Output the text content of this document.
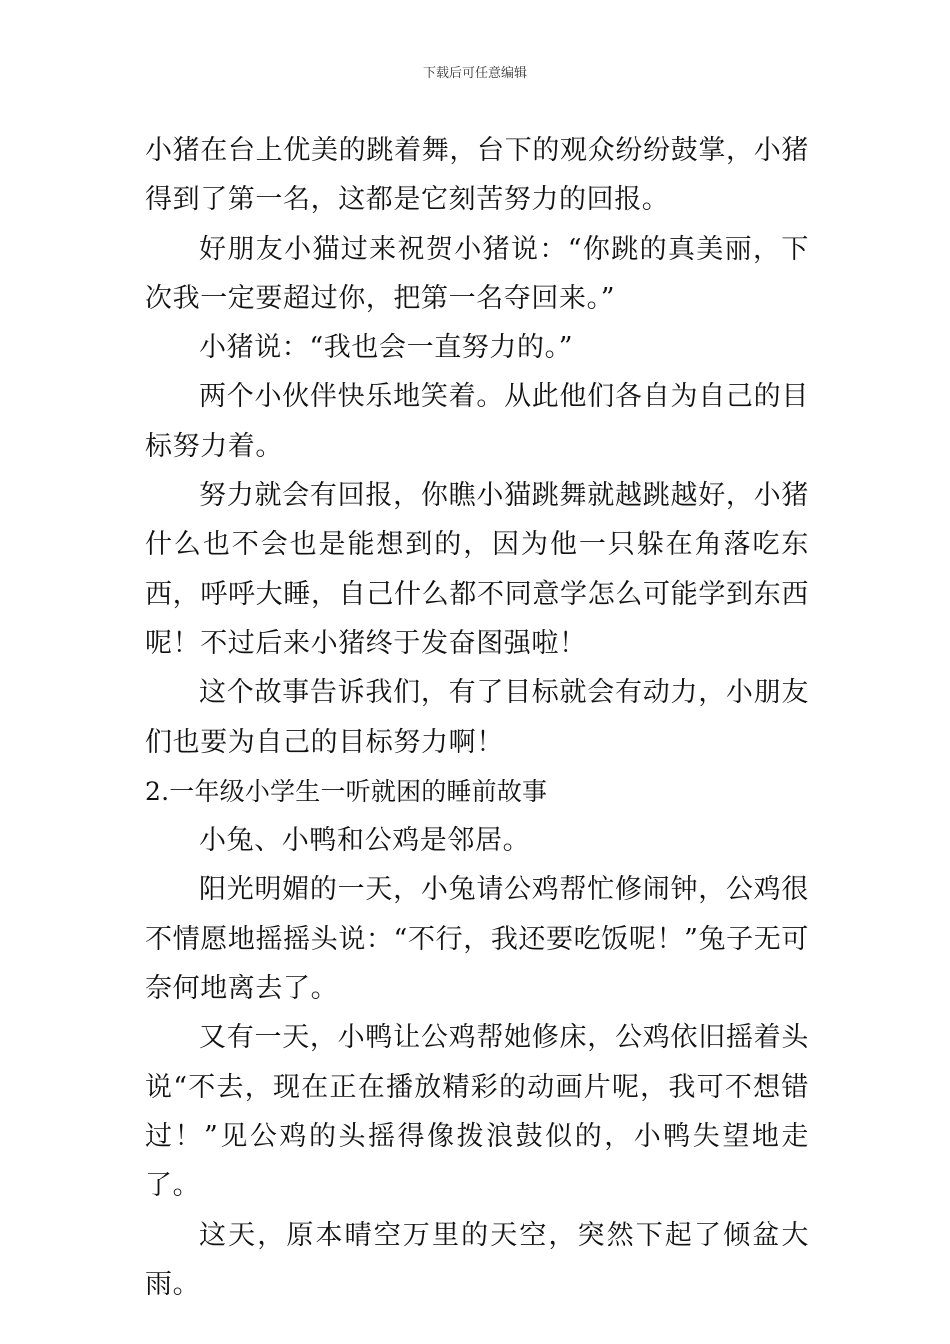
下载后可任意编辑

小猪在台上优美的跳着舞，台下的观众纷纷鼓掌，小猪得到了第一名，这都是它刻苦努力的回报。

好朋友小猫过来祝贺小猪说：“你跳的真美丽，下次我一定要超过你，把第一名夺回来。”

小猪说：“我也会一直努力的。”

两个小伙伴快乐地笑着。从此他们各自为自己的目标努力着。

努力就会有回报，你瞧小猫跳舞就越跳越好，小猪什么也不会也是能想到的，因为他一只躲在角落吃东西，呼呼大睡，自己什么都不同意学怎么可能学到东西呢！不过后来小猪终于发奋图强啦！

这个故事告诉我们，有了目标就会有动力，小朋友们也要为自己的目标努力啊！

2.一年级小学生一听就困的睡前故事

小兔、小鸭和公鸡是邻居。

阳光明媚的一天，小兔请公鸡帮忙修闹钟，公鸡很不情愿地摇摇头说：“不行，我还要吃饭呢！”兔子无可奈何地离去了。

又有一天，小鸭让公鸡帮她修床，公鸡依旧摇着头说“不去，现在正在播放精彩的动画片呢，我可不想错过！”见公鸡的头摇得像拨浪鼓似的，小鸭失望地走了。

这天，原本晴空万里的天空，突然下起了倾盆大雨。
